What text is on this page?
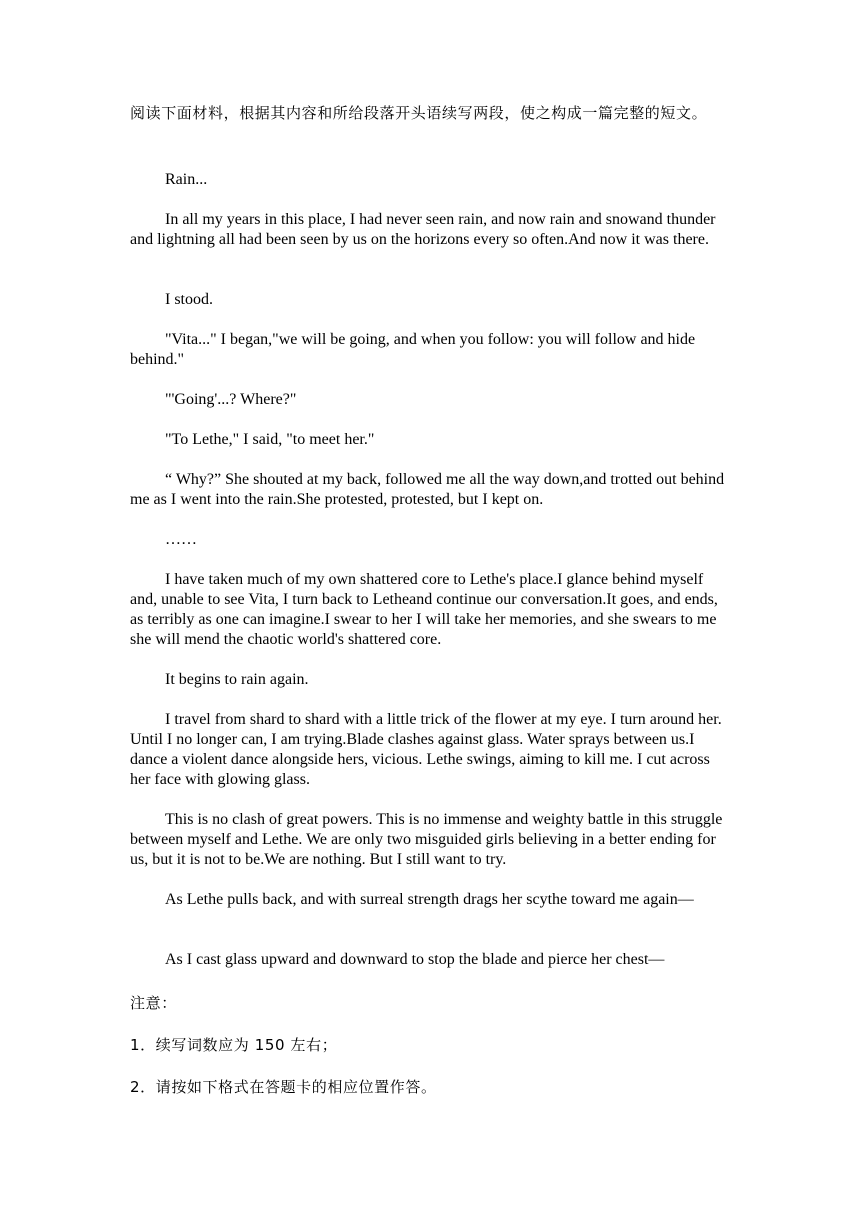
阅读下面材料，根据其内容和所给段落开头语续写两段，使之构成一篇完整的短文。

Rain...

In all my years in this place, I had never seen rain, and now rain and snowand thunder and lightning all had been seen by us on the horizons every so often.And now it was there.

I stood.

"Vita..." I began,"we will be going, and when you follow: you will follow and hide behind."

"'Going'...? Where?"

"To Lethe," I said, "to meet her."

“ Why?” She shouted at my back, followed me all the way down,and trotted out behind me as I went into the rain.She protested, protested, but I kept on.

……

I have taken much of my own shattered core to Lethe's place.I glance behind myself and, unable to see Vita, I turn back to Letheand continue our conversation.It goes, and ends, as terribly as one can imagine.I swear to her I will take her memories, and she swears to me she will mend the chaotic world's shattered core.

It begins to rain again.

I travel from shard to shard with a little trick of the flower at my eye. I turn around her. Until I no longer can, I am trying.Blade clashes against glass. Water sprays between us.I dance a violent dance alongside hers, vicious. Lethe swings, aiming to kill me. I cut across her face with glowing glass.

This is no clash of great powers. This is no immense and weighty battle in this struggle between myself and Lethe. We are only two misguided girls believing in a better ending for us, but it is not to be.We are nothing. But I still want to try.

As Lethe pulls back, and with surreal strength drags her scythe toward me again—

As I cast glass upward and downward to stop the blade and pierce her chest—

注意：

1．续写词数应为 150 左右；

2．请按如下格式在答题卡的相应位置作答。
